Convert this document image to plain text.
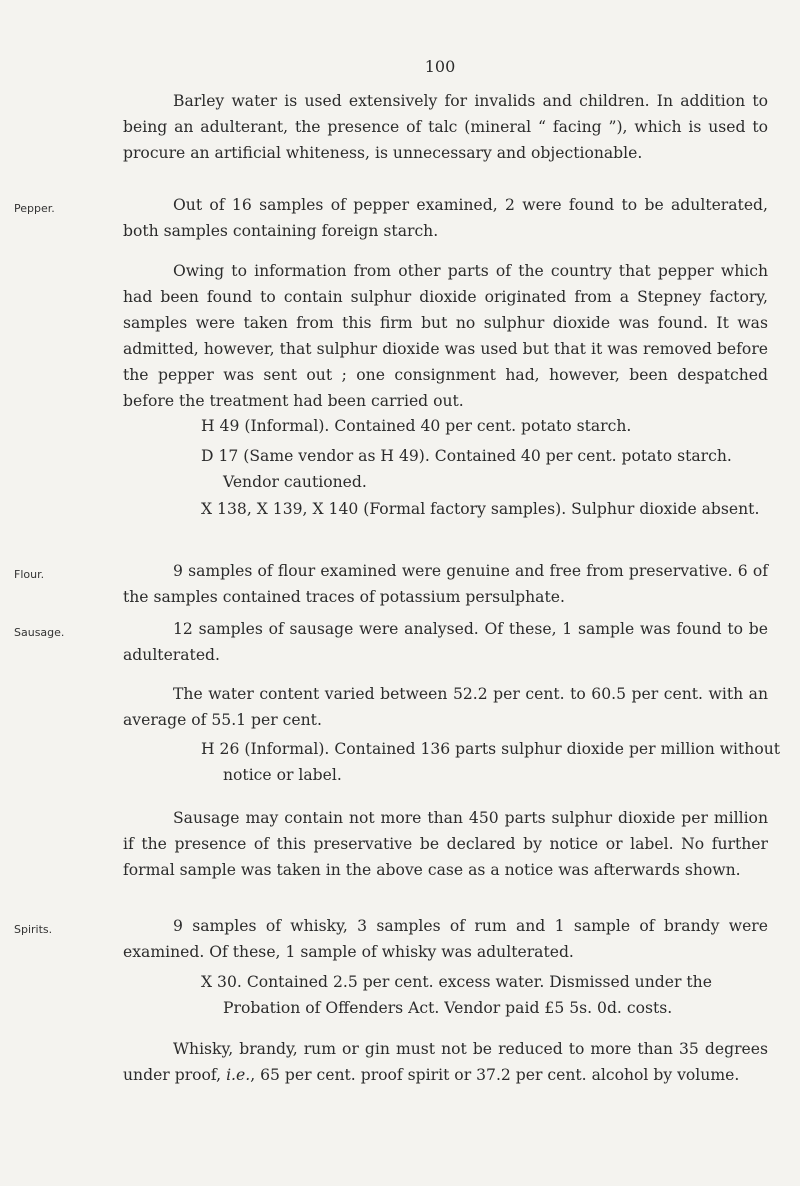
100

Barley water is used extensively for invalids and children. In addition to being an adulterant, the presence of talc (mineral “ facing ”), which is used to procure an artificial whiteness, is unnecessary and objectionable.

Pepper.	Out of 16 samples of pepper examined, 2 were found to be adulterated, both samples containing foreign starch.

Owing to information from other parts of the country that pepper which had been found to contain sulphur dioxide originated from a Stepney factory, samples were taken from this firm but no sulphur dioxide was found. It was admitted, however, that sulphur dioxide was used but that it was removed before the pepper was sent out ; one consignment had, however, been despatched before the treatment had been carried out.

H 49 (Informal). Contained 40 per cent. potato starch.

D 17 (Same vendor as H 49). Contained 40 per cent. potato starch. Vendor cautioned.

X 138, X 139, X 140 (Formal factory samples). Sulphur dioxide absent.

Flour.	9 samples of flour examined were genuine and free from preservative. 6 of the samples contained traces of potassium persulphate.

Sausage.	12 samples of sausage were analysed. Of these, 1 sample was found to be adulterated.

The water content varied between 52.2 per cent. to 60.5 per cent. with an average of 55.1 per cent.

H 26 (Informal). Contained 136 parts sulphur dioxide per million without notice or label.

Sausage may contain not more than 450 parts sulphur dioxide per million if the presence of this preservative be declared by notice or label. No further formal sample was taken in the above case as a notice was afterwards shown.

Spirits.	9 samples of whisky, 3 samples of rum and 1 sample of brandy were examined. Of these, 1 sample of whisky was adulterated.

X 30. Contained 2.5 per cent. excess water. Dismissed under the Probation of Offenders Act. Vendor paid £5 5s. 0d. costs.

Whisky, brandy, rum or gin must not be reduced to more than 35 degrees under proof, i.e., 65 per cent. proof spirit or 37.2 per cent. alcohol by volume.
